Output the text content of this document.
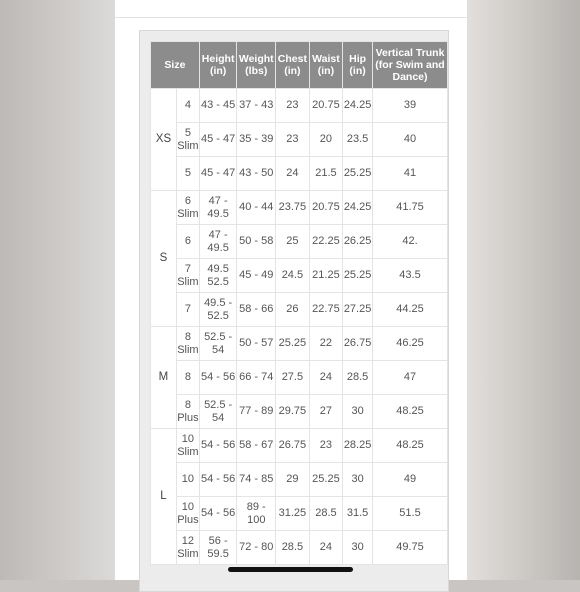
Size		Height (in)	Weight (lbs)	Chest (in)	Waist (in)	Hip (in)	Vertical Trunk (for Swim and Dance)
XS	4	43 - 45	37 - 43	23	20.75	24.25	39
	5 Slim	45 - 47	35 - 39	23	20	23.5	40
	5	45 - 47	43 - 50	24	21.5	25.25	41
S	6 Slim	47 - 49.5	40 - 44	23.75	20.75	24.25	41.75
	6	47 - 49.5	50 - 58	25	22.25	26.25	42.
	7 Slim	49.5 52.5	45 - 49	24.5	21.25	25.25	43.5
	7	49.5 - 52.5	58 - 66	26	22.75	27.25	44.25
M	8 Slim	52.5 - 54	50 - 57	25.25	22	26.75	46.25
	8	54 - 56	66 - 74	27.5	24	28.5	47
	8 Plus	52.5 - 54	77 - 89	29.75	27	30	48.25
L	10 Slim	54 - 56	58 - 67	26.75	23	28.25	48.25
	10	54 - 56	74 - 85	29	25.25	30	49
	10 Plus	54 - 56	89 - 100	31.25	28.5	31.5	51.5
	12 Slim	56 - 59.5	72 - 80	28.5	24	30	49.75
